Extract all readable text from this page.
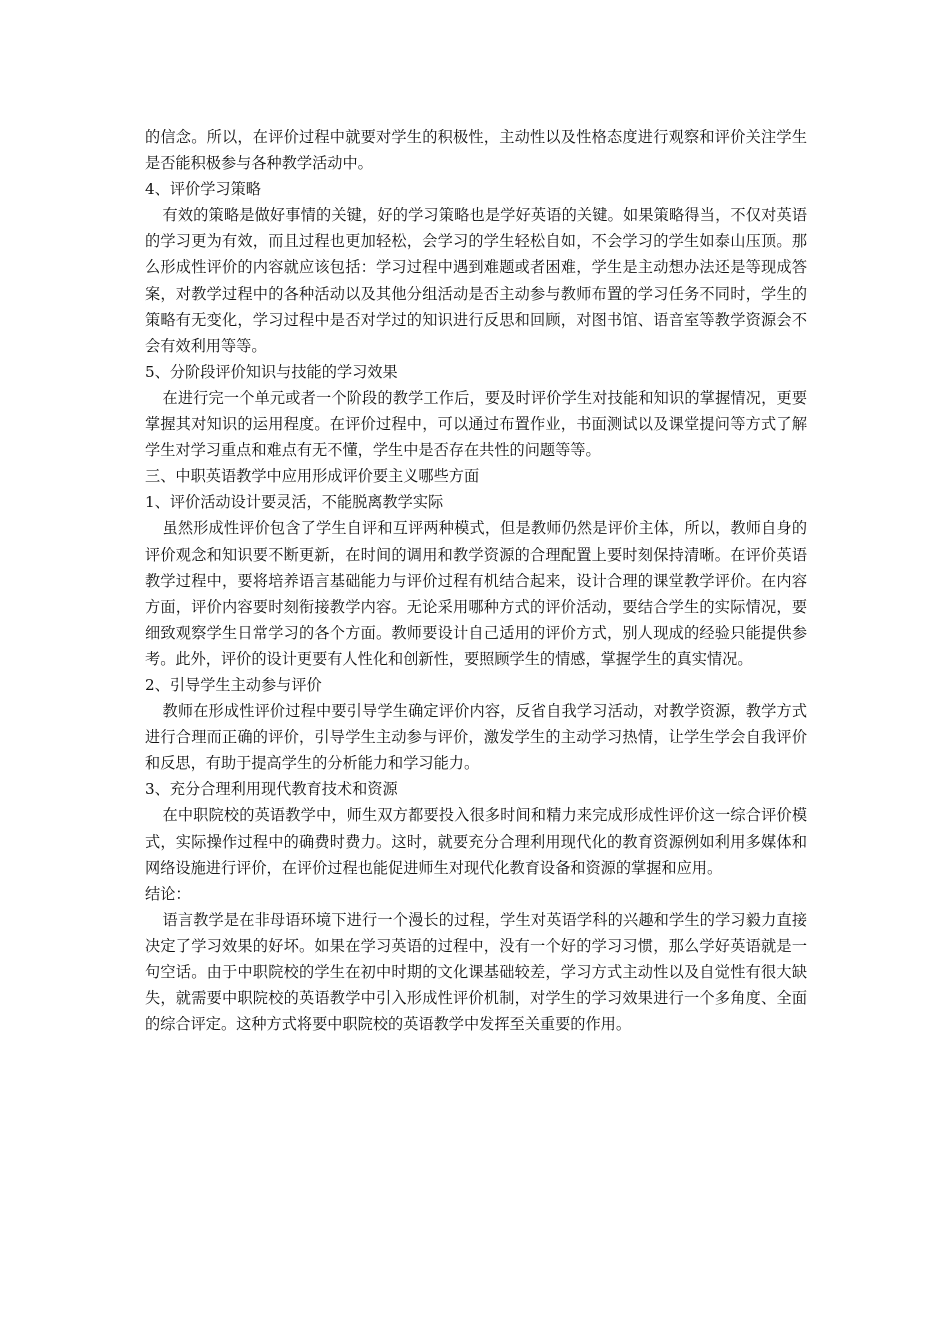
的信念。所以，在评价过程中就要对学生的积极性，主动性以及性格态度进行观察和评价关注学生是否能积极参与各种教学活动中。

4、评价学习策略

有效的策略是做好事情的关键，好的学习策略也是学好英语的关键。如果策略得当，不仅对英语的学习更为有效，而且过程也更加轻松，会学习的学生轻松自如，不会学习的学生如泰山压顶。那么形成性评价的内容就应该包括：学习过程中遇到难题或者困难，学生是主动想办法还是等现成答案，对教学过程中的各种活动以及其他分组活动是否主动参与教师布置的学习任务不同时，学生的策略有无变化，学习过程中是否对学过的知识进行反思和回顾，对图书馆、语音室等教学资源会不会有效利用等等。

5、分阶段评价知识与技能的学习效果

在进行完一个单元或者一个阶段的教学工作后，要及时评价学生对技能和知识的掌握情况，更要掌握其对知识的运用程度。在评价过程中，可以通过布置作业，书面测试以及课堂提问等方式了解学生对学习重点和难点有无不懂，学生中是否存在共性的问题等等。

三、中职英语教学中应用形成评价要主义哪些方面

1、评价活动设计要灵活，不能脱离教学实际

虽然形成性评价包含了学生自评和互评两种模式，但是教师仍然是评价主体，所以，教师自身的评价观念和知识要不断更新，在时间的调用和教学资源的合理配置上要时刻保持清晰。在评价英语教学过程中，要将培养语言基础能力与评价过程有机结合起来，设计合理的课堂教学评价。在内容方面，评价内容要时刻衔接教学内容。无论采用哪种方式的评价活动，要结合学生的实际情况，要细致观察学生日常学习的各个方面。教师要设计自己适用的评价方式，别人现成的经验只能提供参考。此外，评价的设计更要有人性化和创新性，要照顾学生的情感，掌握学生的真实情况。

2、引导学生主动参与评价

教师在形成性评价过程中要引导学生确定评价内容，反省自我学习活动，对教学资源，教学方式进行合理而正确的评价，引导学生主动参与评价，激发学生的主动学习热情，让学生学会自我评价和反思，有助于提高学生的分析能力和学习能力。

3、充分合理利用现代教育技术和资源

在中职院校的英语教学中，师生双方都要投入很多时间和精力来完成形成性评价这一综合评价模式，实际操作过程中的确费时费力。这时，就要充分合理利用现代化的教育资源例如利用多媒体和网络设施进行评价，在评价过程也能促进师生对现代化教育设备和资源的掌握和应用。

结论：

语言教学是在非母语环境下进行一个漫长的过程，学生对英语学科的兴趣和学生的学习毅力直接决定了学习效果的好坏。如果在学习英语的过程中，没有一个好的学习习惯，那么学好英语就是一句空话。由于中职院校的学生在初中时期的文化课基础较差，学习方式主动性以及自觉性有很大缺失，就需要中职院校的英语教学中引入形成性评价机制，对学生的学习效果进行一个多角度、全面的综合评定。这种方式将要中职院校的英语教学中发挥至关重要的作用。
